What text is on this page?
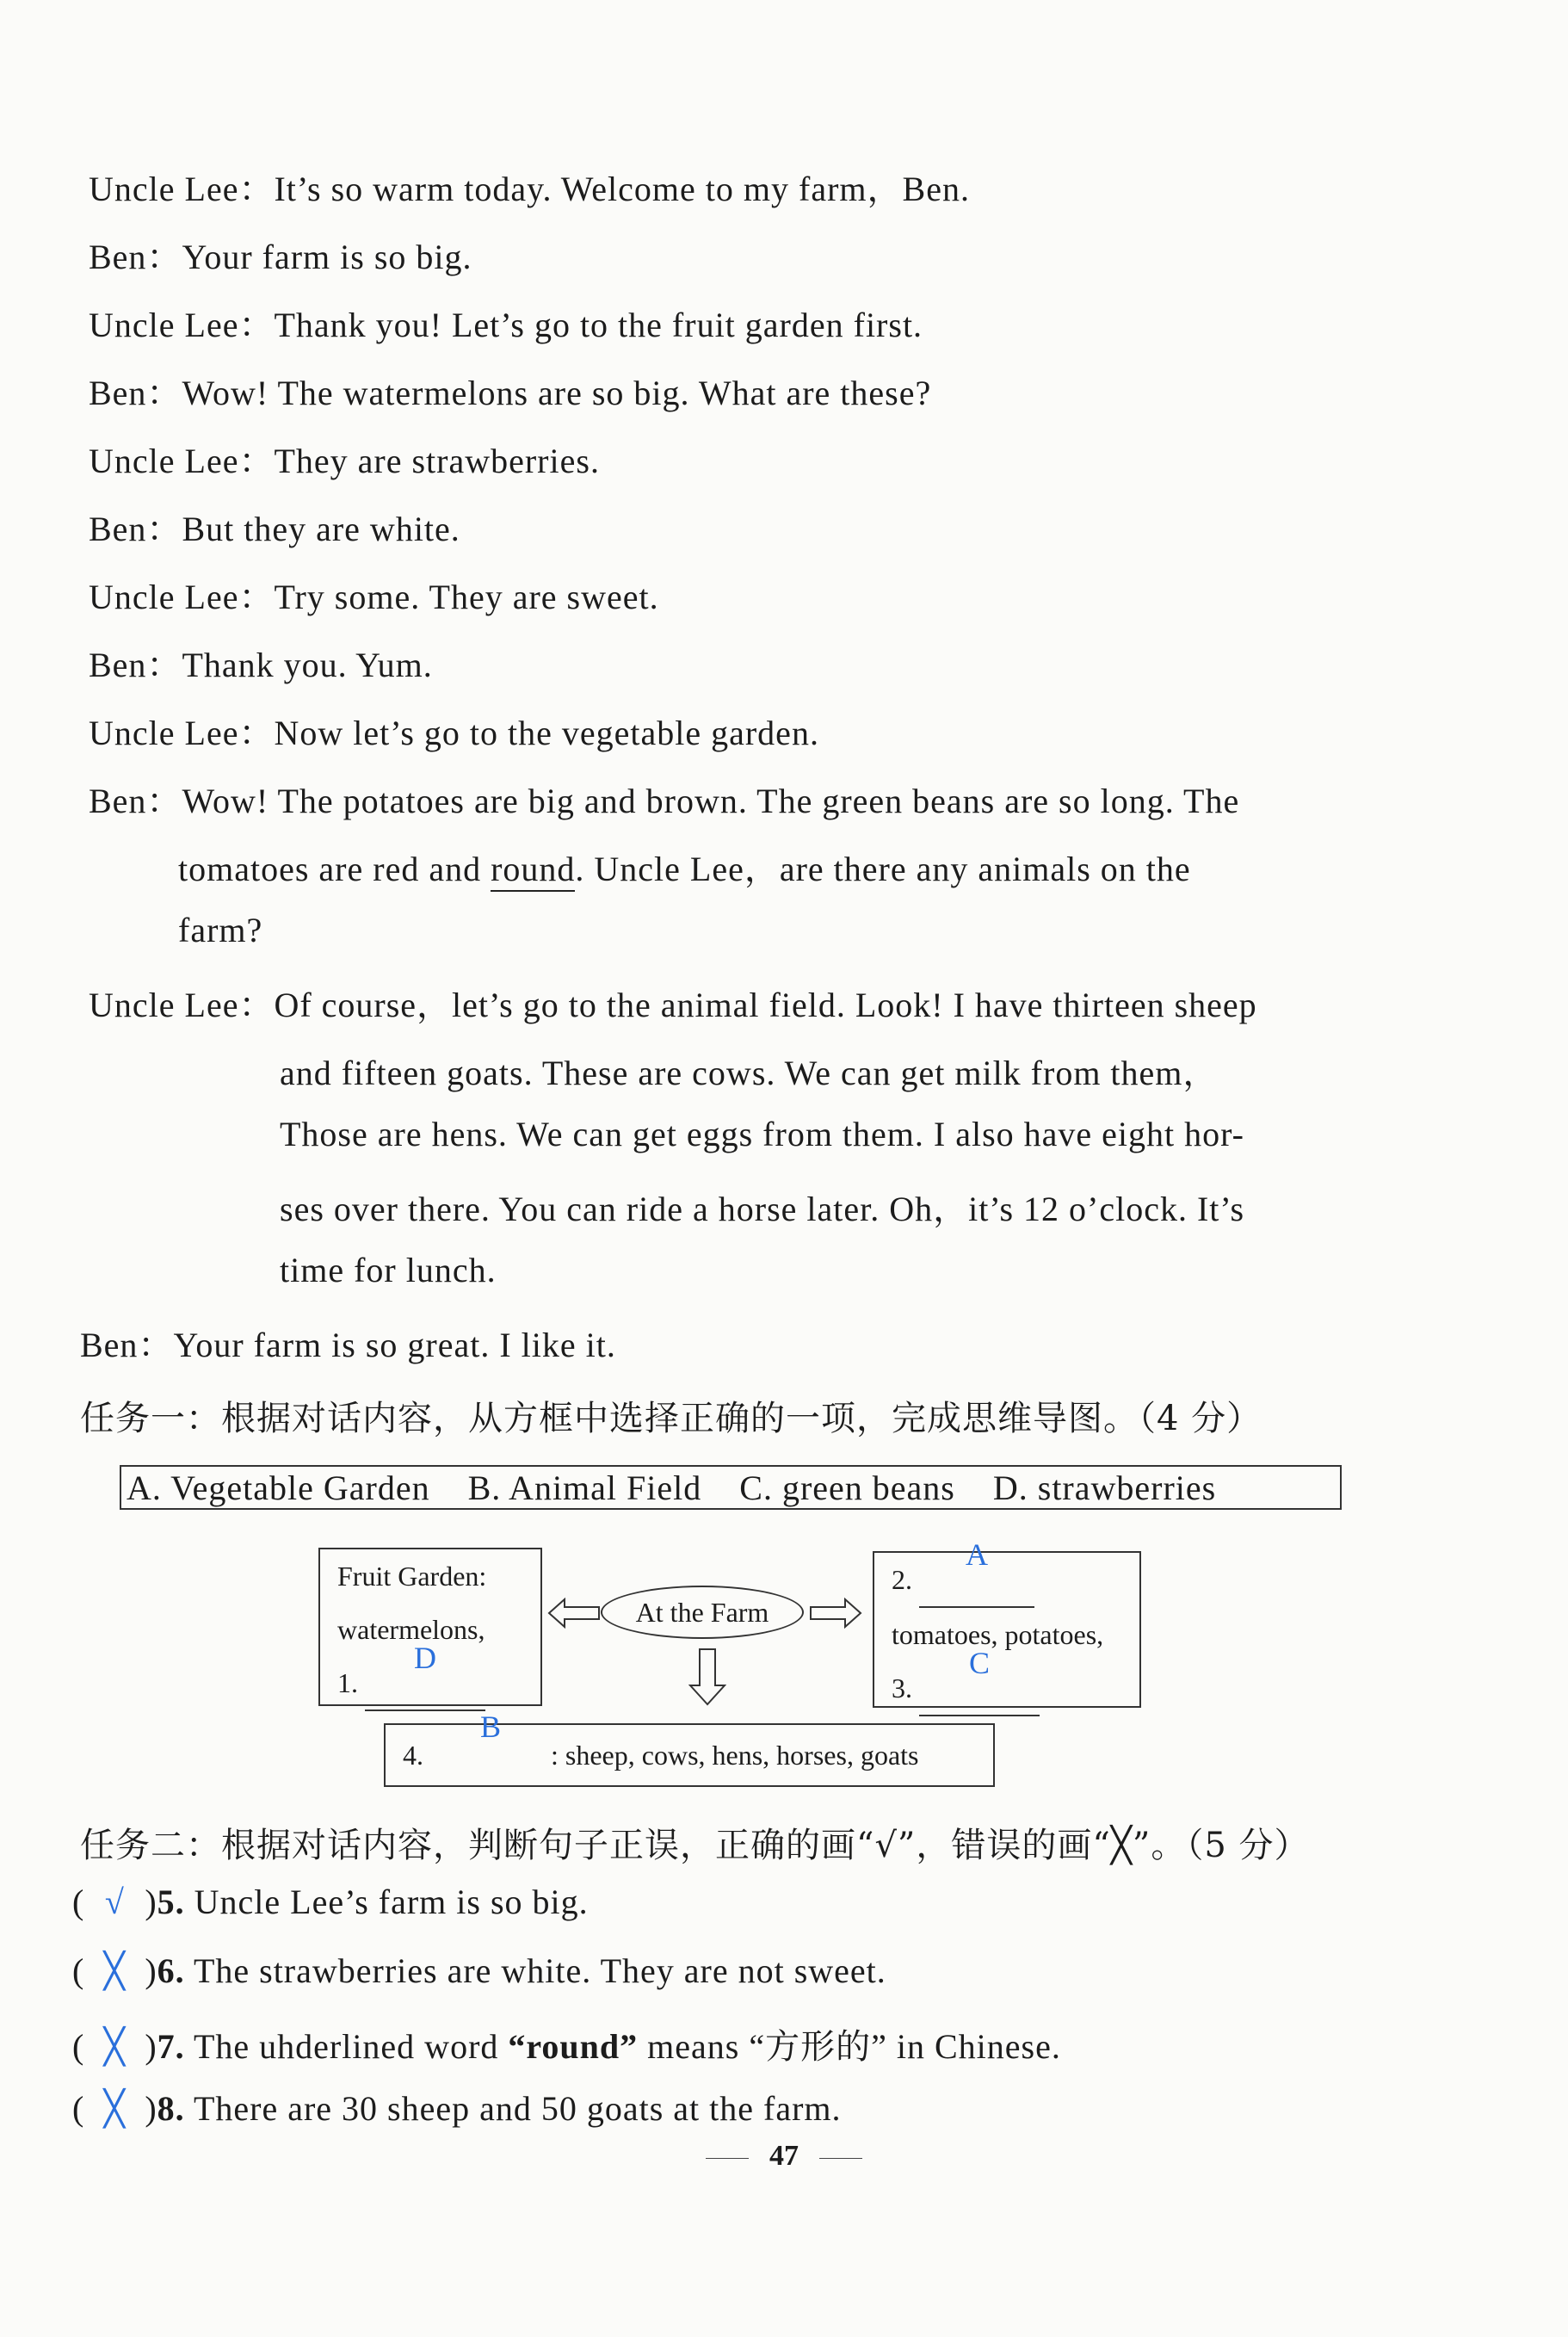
Uncle Lee：It’s so warm today. Welcome to my farm，Ben.
Ben：Your farm is so big.
Uncle Lee：Thank you! Let’s go to the fruit garden first.
Ben：Wow! The watermelons are so big. What are these?
Uncle Lee：They are strawberries.
Ben：But they are white.
Uncle Lee：Try some. They are sweet.
Ben：Thank you. Yum.
Uncle Lee：Now let’s go to the vegetable garden.
Ben：Wow! The potatoes are big and brown. The green beans are so long. The
tomatoes are red and round. Uncle Lee，are there any animals on the
farm?
Uncle Lee：Of course，let’s go to the animal field. Look! I have thirteen sheep
and fifteen goats. These are cows. We can get milk from them，
Those are hens. We can get eggs from them. I also have eight hor-
ses over there. You can ride a horse later. Oh，it’s 12 o’clock. It’s
time for lunch.
Ben：Your farm is so great. I like it.
任务一：根据对话内容，从方框中选择正确的一项，完成思维导图。（4 分）
A. Vegetable Garden B. Animal Field C. green beans D. strawberries
Fruit Garden:
watermelons,
1.
D

At the Farm
2.
A

tomatoes, potatoes,
3.
C

4.
B
: sheep, cows, hens, horses, goats
任务二：根据对话内容，判断句子正误，正确的画“√”，错误的画“╳”。（5 分）
( √ )5. Uncle Lee’s farm is so big.
( ╳ )6. The strawberries are white. They are not sweet.
( ╳ )7. The uhderlined word “round” means “方形的” in Chinese.
( ╳ )8. There are 30 sheep and 50 goats at the farm.
47
